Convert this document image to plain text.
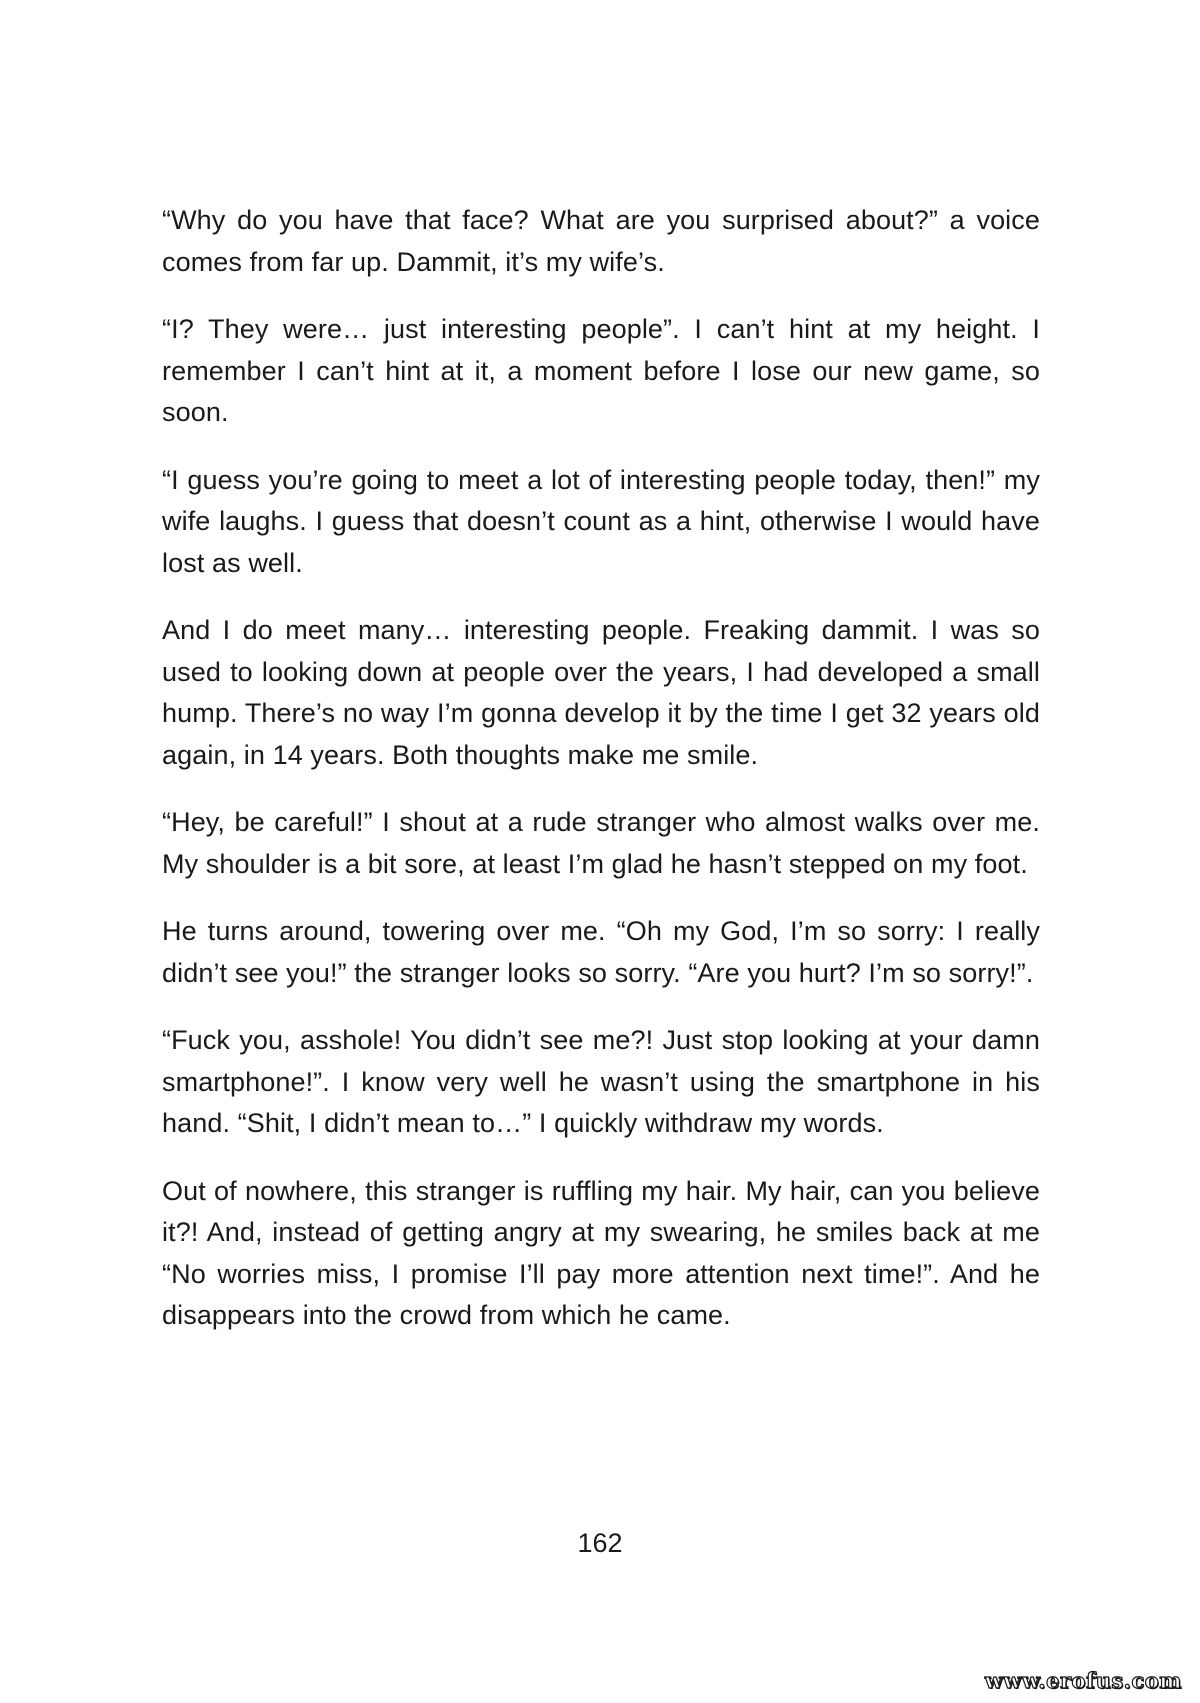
“Why do you have that face? What are you surprised about?” a voice comes from far up. Dammit, it’s my wife’s.

“I? They were… just interesting people”. I can’t hint at my height. I remember I can’t hint at it, a moment before I lose our new game, so soon.

“I guess you’re going to meet a lot of interesting people today, then!” my wife laughs. I guess that doesn’t count as a hint, otherwise I would have lost as well.

And I do meet many… interesting people. Freaking dammit. I was so used to looking down at people over the years, I had developed a small hump. There’s no way I’m gonna develop it by the time I get 32 years old again, in 14 years. Both thoughts make me smile.

“Hey, be careful!” I shout at a rude stranger who almost walks over me. My shoulder is a bit sore, at least I’m glad he hasn’t stepped on my foot.

He turns around, towering over me. “Oh my God, I’m so sorry: I really didn’t see you!” the stranger looks so sorry. “Are you hurt? I’m so sorry!”.

“Fuck you, asshole! You didn’t see me?! Just stop looking at your damn smartphone!”. I know very well he wasn’t using the smartphone in his hand. “Shit, I didn’t mean to…” I quickly withdraw my words.

Out of nowhere, this stranger is ruffling my hair. My hair, can you believe it?! And, instead of getting angry at my swearing, he smiles back at me “No worries miss, I promise I’ll pay more attention next time!”. And he disappears into the crowd from which he came.

162
www.erofus.com
